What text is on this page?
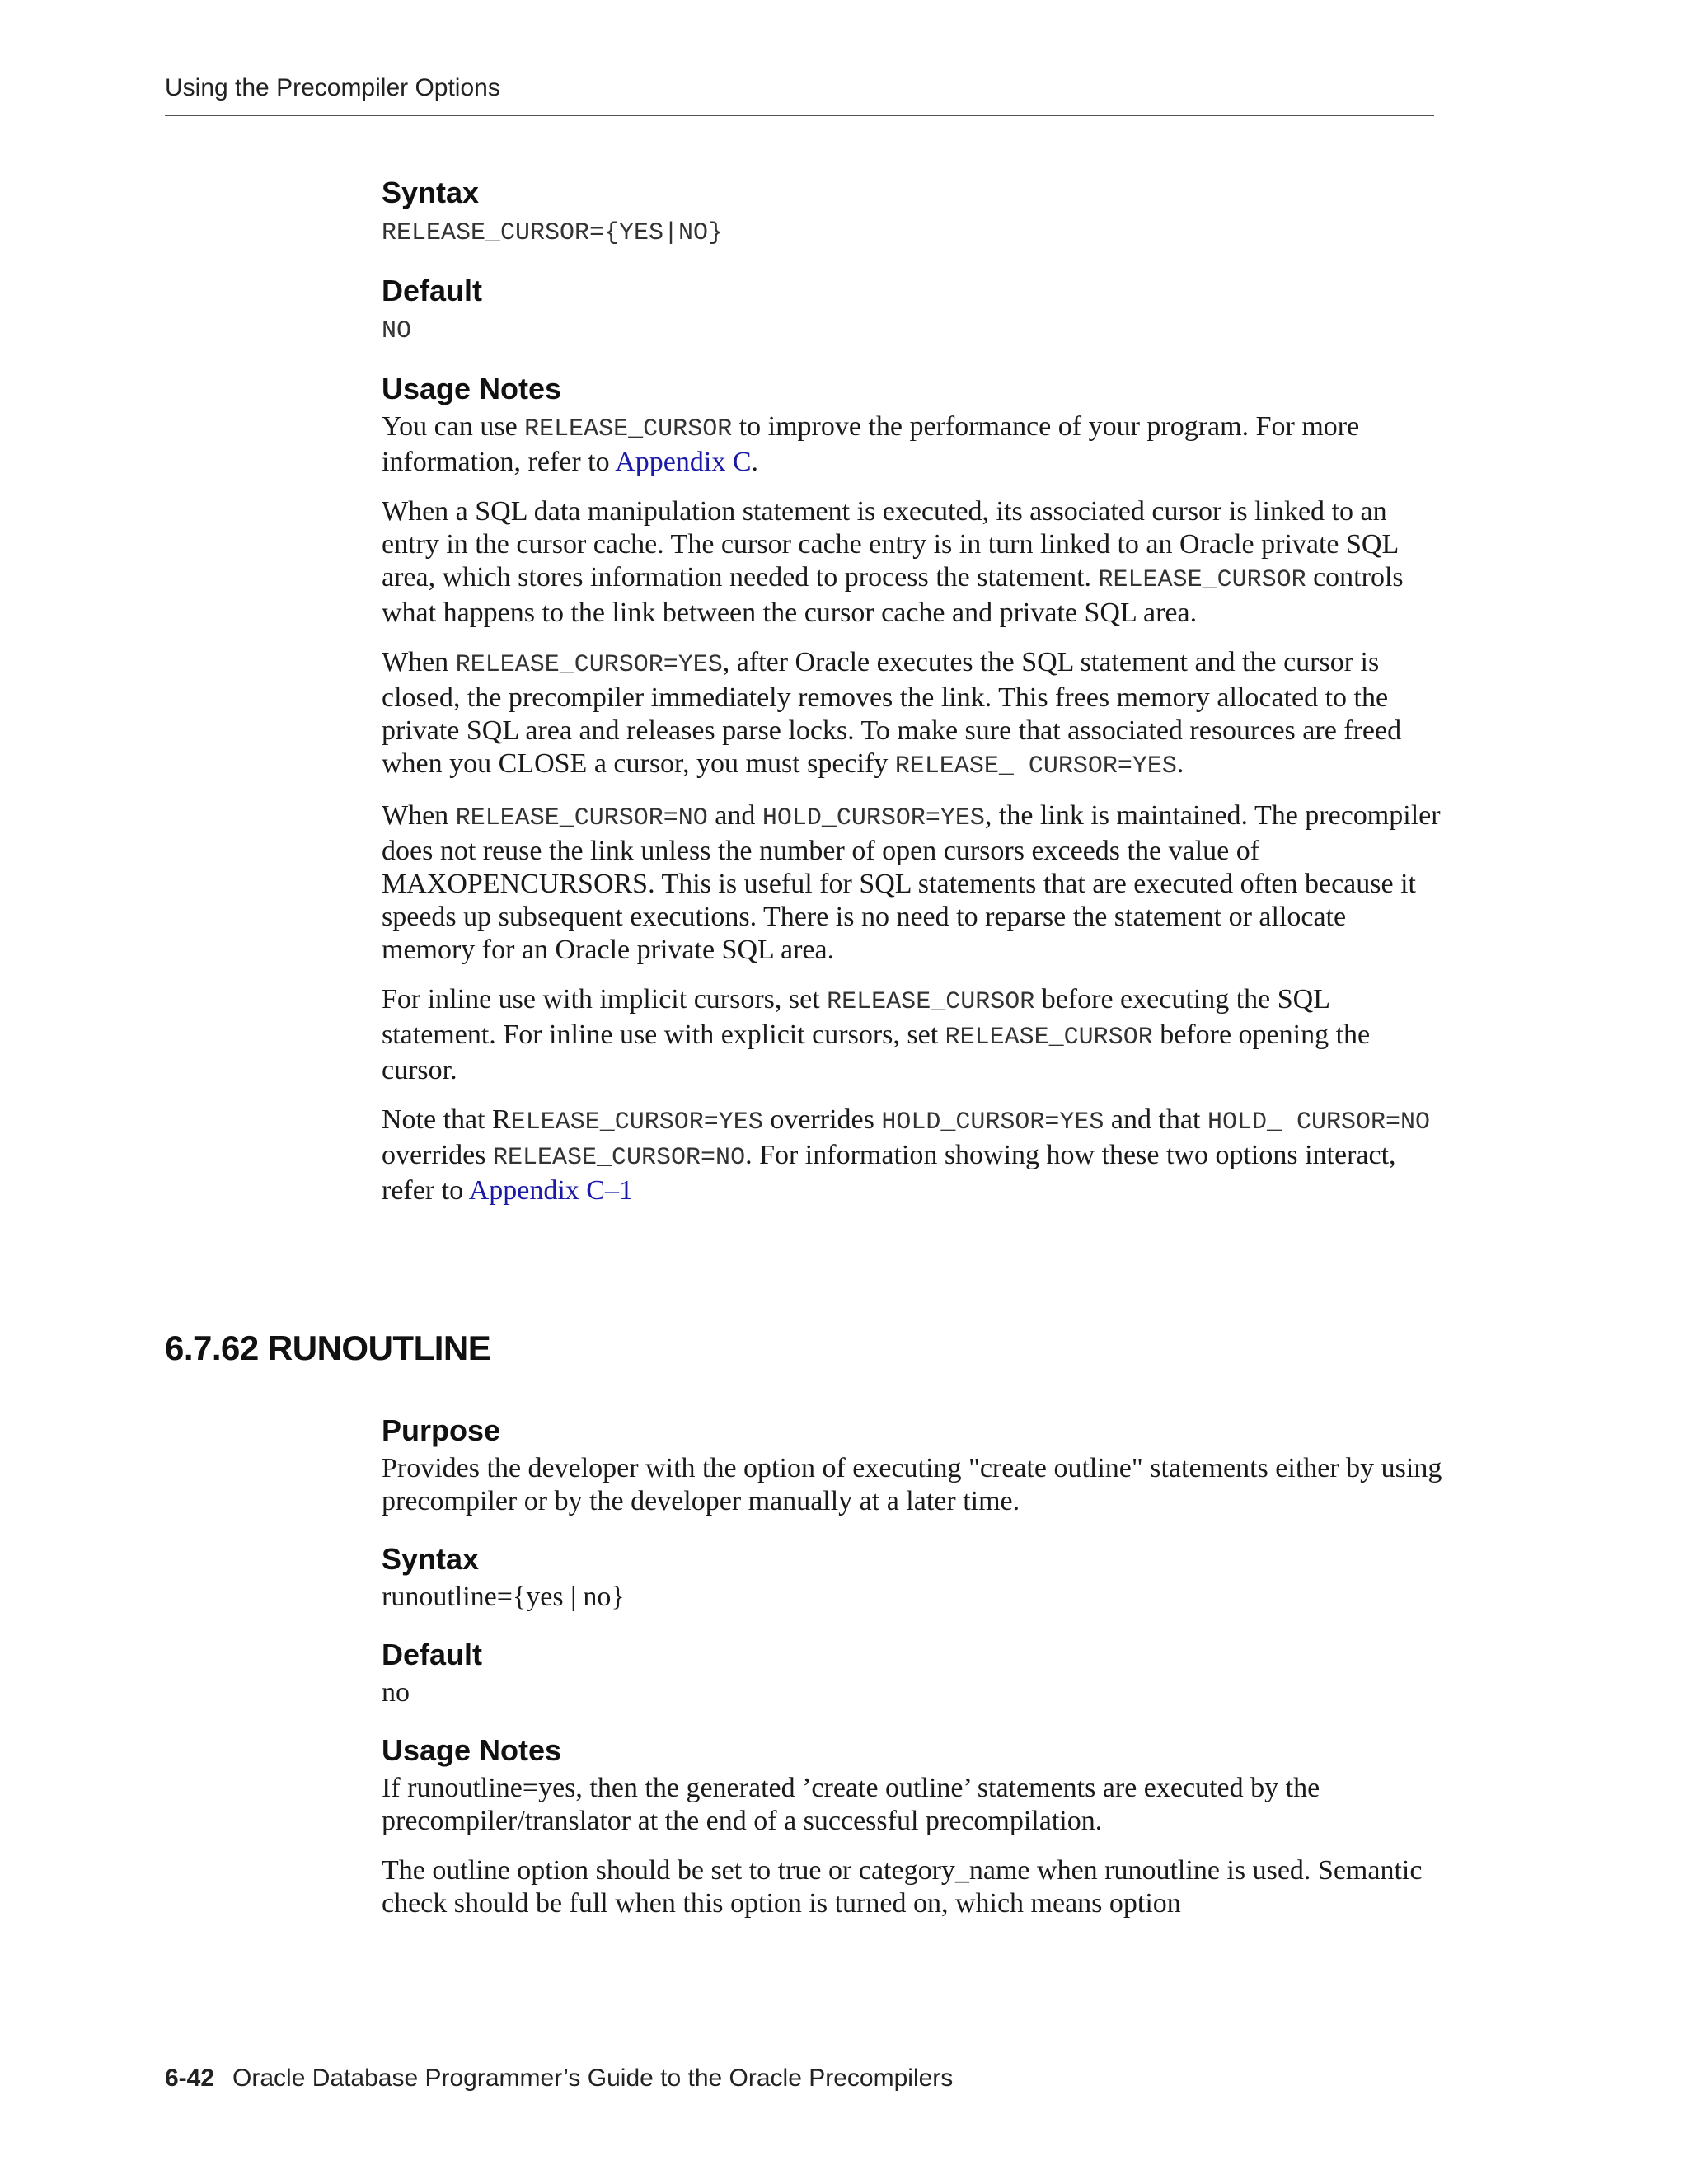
Using the Precompiler Options
Syntax

RELEASE_CURSOR={YES|NO}

Default

NO

Usage Notes

You can use RELEASE_CURSOR to improve the performance of your program. For more information, refer to Appendix C.

When a SQL data manipulation statement is executed, its associated cursor is linked to an entry in the cursor cache. The cursor cache entry is in turn linked to an Oracle private SQL area, which stores information needed to process the statement. RELEASE_CURSOR controls what happens to the link between the cursor cache and private SQL area.

When RELEASE_CURSOR=YES, after Oracle executes the SQL statement and the cursor is closed, the precompiler immediately removes the link. This frees memory allocated to the private SQL area and releases parse locks. To make sure that associated resources are freed when you CLOSE a cursor, you must specify RELEASE_ CURSOR=YES.

When RELEASE_CURSOR=NO and HOLD_CURSOR=YES, the link is maintained. The precompiler does not reuse the link unless the number of open cursors exceeds the value of MAXOPENCURSORS. This is useful for SQL statements that are executed often because it speeds up subsequent executions. There is no need to reparse the statement or allocate memory for an Oracle private SQL area.

For inline use with implicit cursors, set RELEASE_CURSOR before executing the SQL statement. For inline use with explicit cursors, set RELEASE_CURSOR before opening the cursor.

Note that RELEASE_CURSOR=YES overrides HOLD_CURSOR=YES and that HOLD_ CURSOR=NO overrides RELEASE_CURSOR=NO. For information showing how these two options interact, refer to Appendix C–1

6.7.62 RUNOUTLINE
Purpose

Provides the developer with the option of executing "create outline" statements either by using precompiler or by the developer manually at a later time.

Syntax

runoutline={yes | no}

Default

no

Usage Notes

If runoutline=yes, then the generated ’create outline’ statements are executed by the precompiler/translator at the end of a successful precompilation.

The outline option should be set to true or category_name when runoutline is used. Semantic check should be full when this option is turned on, which means option

6-42 Oracle Database Programmer’s Guide to the Oracle Precompilers
